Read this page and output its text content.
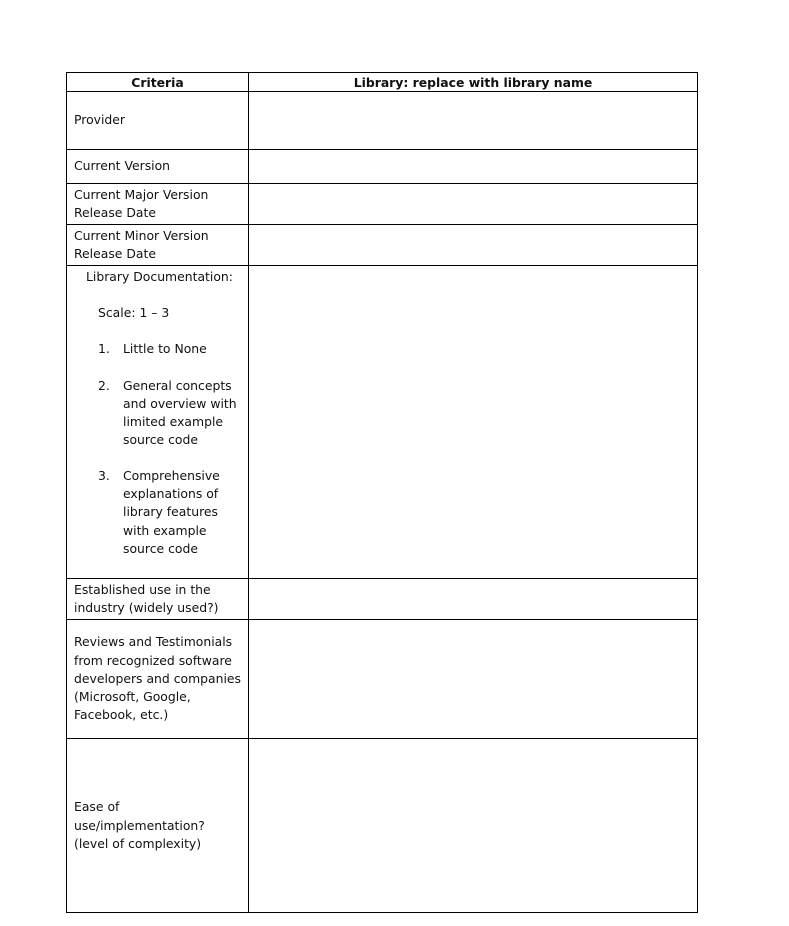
Criteria	Library: replace with library name
Provider
Current Version
Current Major Version
Release Date
Current Minor Version
Release Date
Library Documentation:
Scale: 1 – 3
1. Little to None
2. General concepts
and overview with
limited example
source code
3. Comprehensive
explanations of
library features
with example
source code
Established use in the
industry (widely used?)
Reviews and Testimonials
from recognized software
developers and companies
(Microsoft, Google,
Facebook, etc.)
Ease of
use/implementation?
(level of complexity)
